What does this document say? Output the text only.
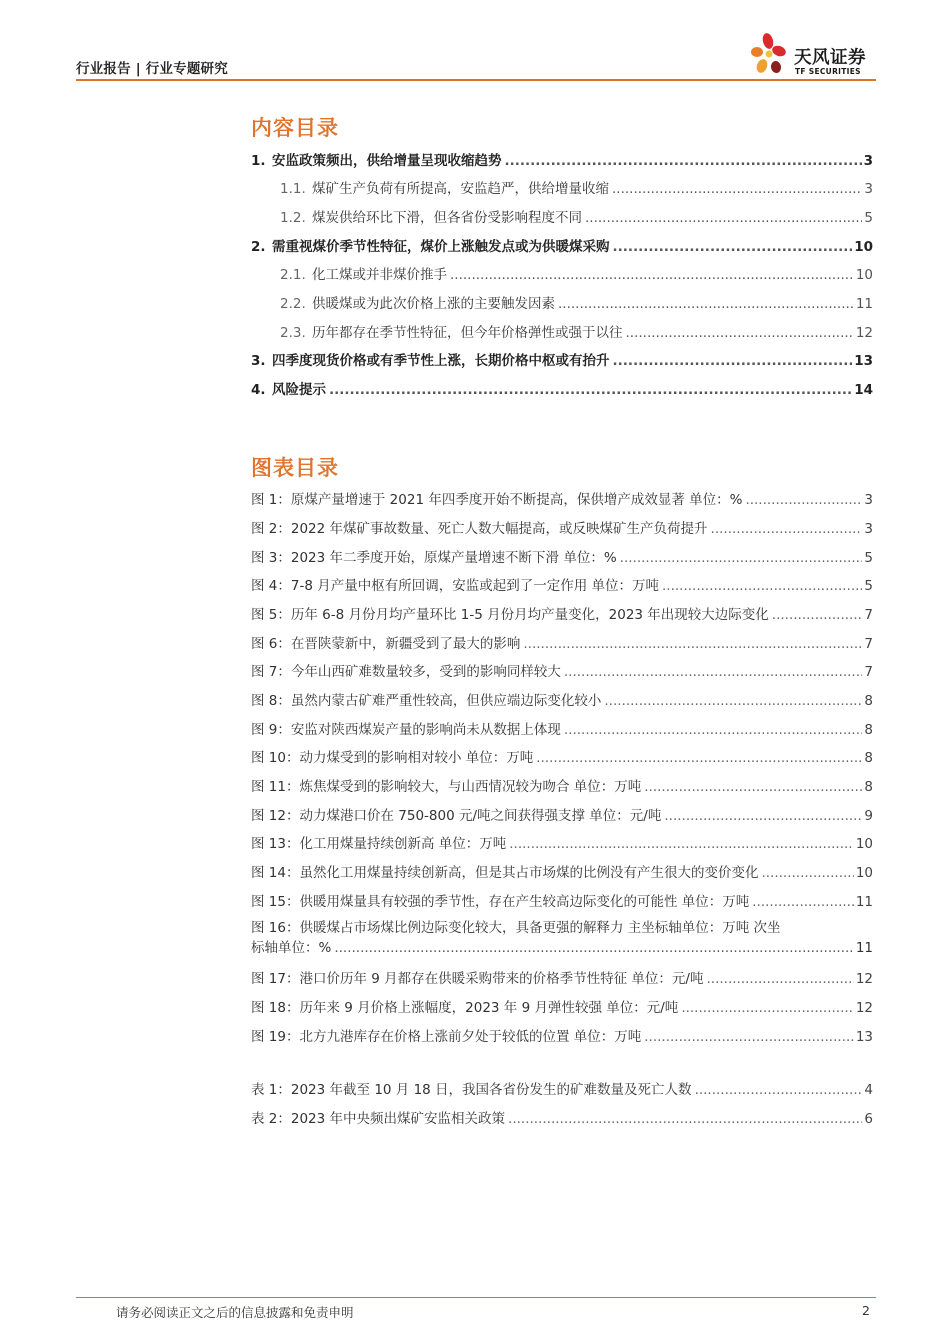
行业报告 | 行业专题研究
天风证券
TF SECURITIES
内容目录
1. 安监政策频出，供给增量呈现收缩趋势 .....	3
1.1. 煤矿生产负荷有所提高，安监趋严，供给增量收缩 .....	3
1.2. 煤炭供给环比下滑，但各省份受影响程度不同 .....	5
2. 需重视煤价季节性特征，煤价上涨触发点或为供暖煤采购 .....	10
2.1. 化工煤或并非煤价推手 .....	10
2.2. 供暖煤或为此次价格上涨的主要触发因素 .....	11
2.3. 历年都存在季节性特征，但今年价格弹性或强于以往 .....	12
3. 四季度现货价格或有季节性上涨，长期价格中枢或有抬升 .....	13
4. 风险提示 .....	14
图表目录
图 1：原煤产量增速于 2021 年四季度开始不断提高，保供增产成效显著 单位：% .....	3
图 2：2022 年煤矿事故数量、死亡人数大幅提高，或反映煤矿生产负荷提升 .....	3
图 3：2023 年二季度开始，原煤产量增速不断下滑 单位：% .....	5
图 4：7-8 月产量中枢有所回调，安监或起到了一定作用 单位：万吨 .....	5
图 5：历年 6-8 月份月均产量环比 1-5 月份月均产量变化，2023 年出现较大边际变化 .....	7
图 6：在晋陕蒙新中，新疆受到了最大的影响 .....	7
图 7：今年山西矿难数量较多，受到的影响同样较大 .....	7
图 8：虽然内蒙古矿难严重性较高，但供应端边际变化较小 .....	8
图 9：安监对陕西煤炭产量的影响尚未从数据上体现 .....	8
图 10：动力煤受到的影响相对较小 单位：万吨 .....	8
图 11：炼焦煤受到的影响较大，与山西情况较为吻合 单位：万吨 .....	8
图 12：动力煤港口价在 750-800 元/吨之间获得强支撑 单位：元/吨 .....	9
图 13：化工用煤量持续创新高 单位：万吨 .....	10
图 14：虽然化工用煤量持续创新高，但是其占市场煤的比例没有产生很大的变价变化 .....	10
图 15：供暖用煤量具有较强的季节性，存在产生较高边际变化的可能性 单位：万吨 .....	11
图 16：供暖煤占市场煤比例边际变化较大，具备更强的解释力 主坐标轴单位：万吨 次坐
标轴单位：% .....	11
图 17：港口价历年 9 月都存在供暖采购带来的价格季节性特征 单位：元/吨 .....	12
图 18：历年来 9 月价格上涨幅度，2023 年 9 月弹性较强 单位：元/吨 .....	12
图 19：北方九港库存在价格上涨前夕处于较低的位置 单位：万吨 .....	13
表 1：2023 年截至 10 月 18 日，我国各省份发生的矿难数量及死亡人数 .....	4
表 2：2023 年中央频出煤矿安监相关政策 .....	6
请务必阅读正文之后的信息披露和免责申明	2
